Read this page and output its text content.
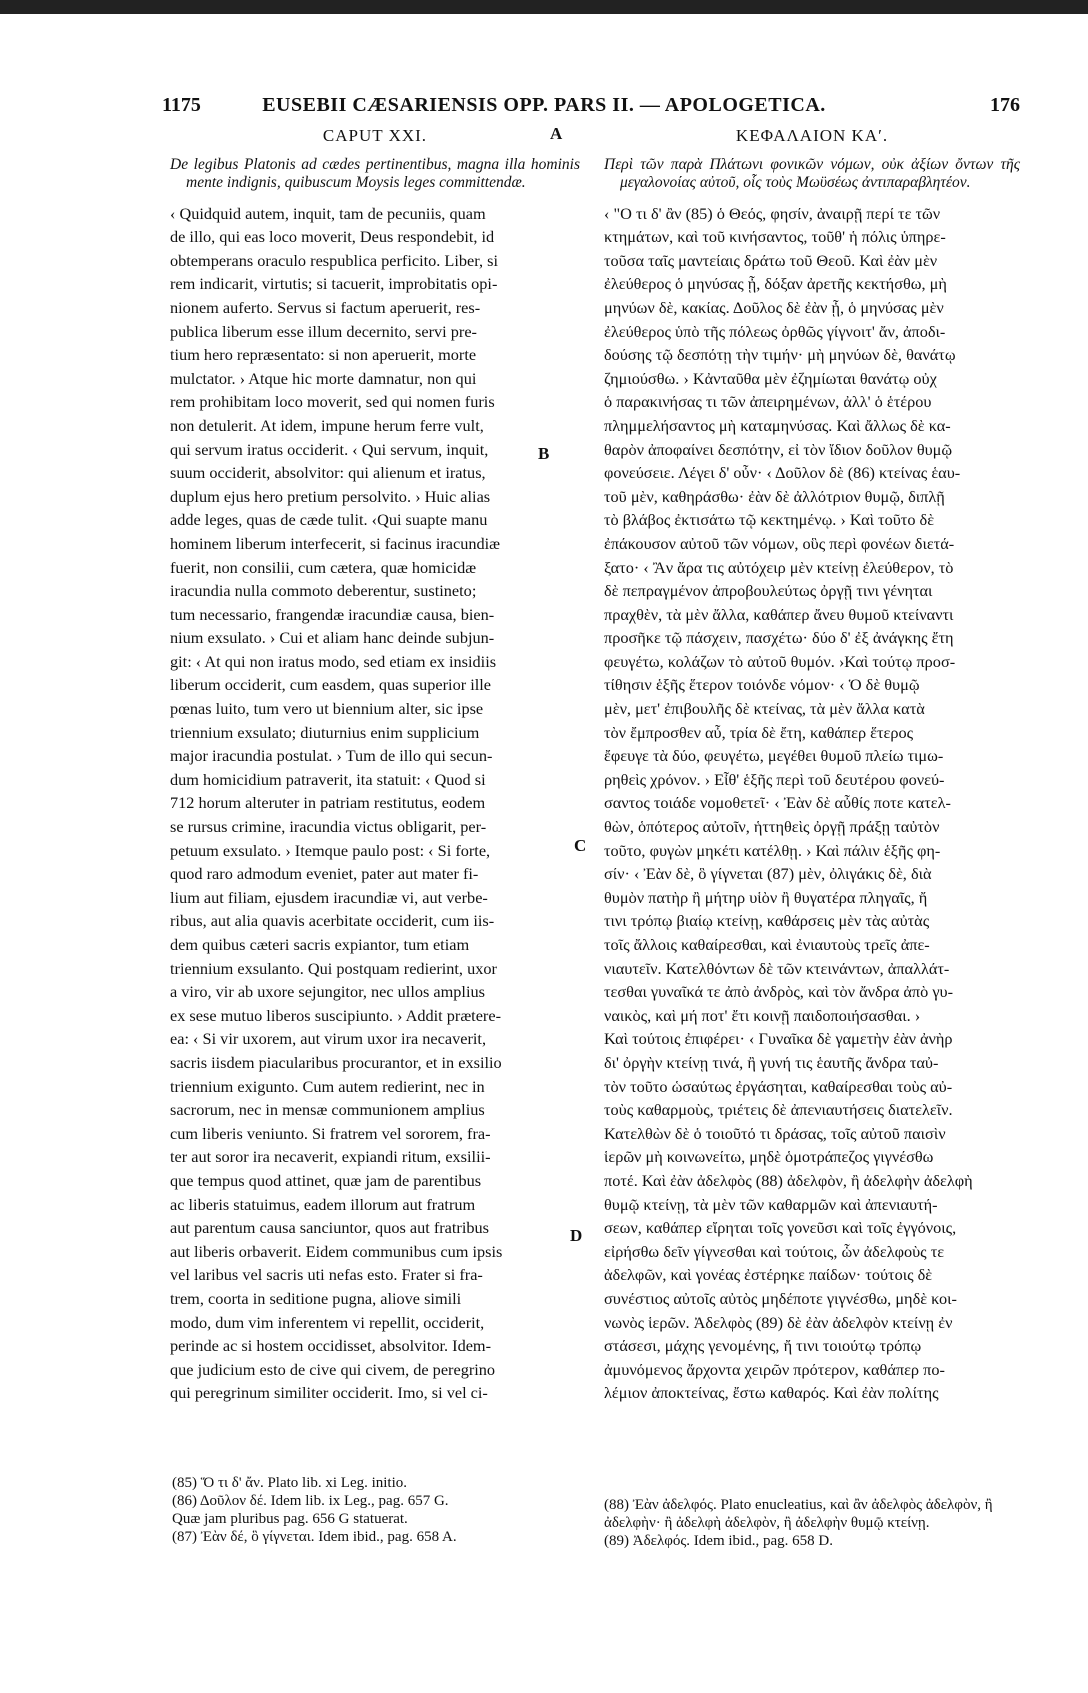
1175	EUSEBII CÆSARIENSIS OPP. PARS II. — APOLOGETICA.	176
CAPUT XXI.
De legibus Platonis ad cædes pertinentibus, magna illa hominis mente indignis, quibuscum Moysis leges committendæ.
‹ Quidquid autem, inquit, tam de pecuniis, quam
de illo, qui eas loco moverit, Deus respondebit, id
obtemperans oraculo respublica perficito. Liber, si
rem indicarit, virtutis; si tacuerit, improbitatis opi-
nionem auferto. Servus si factum aperuerit, res-
publica liberum esse illum decernito, servi pre-
tium hero repræsentato: si non aperuerit, morte
mulctator. › Atque hic morte damnatur, non qui
rem prohibitam loco moverit, sed qui nomen furis
non detulerit. At idem, impune herum ferre vult,
qui servum iratus occiderit. ‹ Qui servum, inquit,
suum occiderit, absolvitor: qui alienum et iratus,
duplum ejus hero pretium persolvito. › Huic alias
adde leges, quas de cæde tulit. ‹Qui suapte manu
hominem liberum interfecerit, si facinus iracundiæ
fuerit, non consilii, cum cætera, quæ homicidæ
iracundia nulla commoto deberentur, sustineto;
tum necessario, frangendæ iracundiæ causa, bien-
nium exsulato. › Cui et aliam hanc deinde subjun-
git: ‹ At qui non iratus modo, sed etiam ex insidiis
liberum occiderit, cum easdem, quas superior ille
pœnas luito, tum vero ut biennium alter, sic ipse
triennium exsulato; diuturnius enim supplicium
major iracundia postulat. › Tum de illo qui secun-
dum homicidium patraverit, ita statuit: ‹ Quod si
712 horum alteruter in patriam restitutus, eodem
se rursus crimine, iracundia victus obligarit, per-
petuum exsulato. › Itemque paulo post: ‹ Si forte,
quod raro admodum eveniet, pater aut mater fi-
lium aut filiam, ejusdem iracundiæ vi, aut verbe-
ribus, aut alia quavis acerbitate occiderit, cum iis-
dem quibus cæteri sacris expiantor, tum etiam
triennium exsulanto. Qui postquam redierint, uxor
a viro, vir ab uxore sejungitor, nec ullos amplius
ex sese mutuo liberos suscipiunto. › Addit prætere-
ea: ‹ Si vir uxorem, aut virum uxor ira necaverit,
sacris iisdem piacularibus procurantor, et in exsilio
triennium exigunto. Cum autem redierint, nec in
sacrorum, nec in mensæ communionem amplius
cum liberis veniunto. Si fratrem vel sororem, fra-
ter aut soror ira necaverit, expiandi ritum, exsilii-
que tempus quod attinet, quæ jam de parentibus
ac liberis statuimus, eadem illorum aut fratrum
aut parentum causa sanciuntor, quos aut fratribus
aut liberis orbaverit. Eidem communibus cum ipsis
vel laribus vel sacris uti nefas esto. Frater si fra-
trem, coorta in seditione pugna, aliove simili
modo, dum vim inferentem vi repellit, occiderit,
perinde ac si hostem occidisset, absolvitor. Idem-
que judicium esto de cive qui civem, de peregrino
qui peregrinum similiter occiderit. Imo, si vel ci-
ΚΕΦΑΛΑΙΟΝ ΚΑʹ.
Περὶ τῶν παρὰ Πλάτωνι φονικῶν νόμων, οὐκ ἀξίων ὄντων τῆς μεγαλονοίας αὐτοῦ, οἷς τοὺς Μωϋσέως ἀντιπαραβλητέον.
‹ "Ο τι δ' ἂν (85) ὁ Θεός, φησίν, ἀναιρῇ περί τε τῶν
κτημάτων, καὶ τοῦ κινήσαντος, τοῦθ' ἡ πόλις ὑπηρε-
τοῦσα ταῖς μαντείαις δράτω τοῦ Θεοῦ. Καὶ ἐὰν μὲν
ἐλεύθερος ὁ μηνύσας ᾖ, δόξαν ἀρετῆς κεκτήσθω, μὴ
μηνύων δὲ, κακίας. Δοῦλος δὲ ἐὰν ᾖ, ὁ μηνύσας μὲν
ἐλεύθερος ὑπὸ τῆς πόλεως ὀρθῶς γίγνοιτ' ἄν, ἀποδι-
δούσης τῷ δεσπότῃ τὴν τιμήν· μὴ μηνύων δὲ, θανάτῳ
ζημιούσθω. › Κἀνταῦθα μὲν ἐζημίωται θανάτῳ οὐχ
ὁ παρακινήσας τι τῶν ἀπειρημένων, ἀλλ' ὁ ἑτέρου
πλημμελήσαντος μὴ καταμηνύσας. Καὶ ἄλλως δὲ κα-
θαρὸν ἀποφαίνει δεσπότην, εἰ τὸν ἴδιον δοῦλον θυμῷ
φονεύσειε. Λέγει δ' οὖν· ‹ Δοῦλον δὲ (86) κτείνας ἑαυ-
τοῦ μὲν, καθηράσθω· ἐὰν δὲ ἀλλότριον θυμῷ, διπλῇ
τὸ βλάβος ἐκτισάτω τῷ κεκτημένῳ. › Καὶ τοῦτο δὲ
ἐπάκουσον αὐτοῦ τῶν νόμων, οὓς περὶ φονέων διετά-
ξατο· ‹ Ἂν ἄρα τις αὐτόχειρ μὲν κτείνῃ ἐλεύθερον, τὸ
δὲ πεπραγμένον ἀπροβουλεύτως ὀργῇ τινι γένηται
πραχθὲν, τὰ μὲν ἄλλα, καθάπερ ἄνευ θυμοῦ κτείναντι
προσῆκε τῷ πάσχειν, πασχέτω· δύο δ' ἐξ ἀνάγκης ἔτη
φευγέτω, κολάζων τὸ αὐτοῦ θυμόν. ›Καὶ τούτῳ προσ-
τίθησιν ἑξῆς ἕτερον τοιόνδε νόμον· ‹ Ὁ δὲ θυμῷ
μὲν, μετ' ἐπιβουλῆς δὲ κτείνας, τὰ μὲν ἄλλα κατὰ
τὸν ἔμπροσθεν αὖ, τρία δὲ ἔτη, καθάπερ ἕτερος
ἔφευγε τὰ δύο, φευγέτω, μεγέθει θυμοῦ πλείω τιμω-
ρηθεὶς χρόνον. › Εἶθ' ἑξῆς περὶ τοῦ δευτέρου φονεύ-
σαντος τοιάδε νομοθετεῖ· ‹ Ἐὰν δὲ αὖθίς ποτε κατελ-
θὼν, ὁπότερος αὐτοῖν, ἡττηθεὶς ὀργῇ πράξῃ ταὐτὸν
τοῦτο, φυγὼν μηκέτι κατέλθῃ. › Καὶ πάλιν ἑξῆς φη-
σίν· ‹ Ἐὰν δὲ, ὃ γίγνεται (87) μὲν, ὀλιγάκις δὲ, διὰ
θυμὸν πατὴρ ἢ μήτηρ υἱὸν ἢ θυγατέρα πληγαῖς, ἤ
τινι τρόπῳ βιαίῳ κτείνῃ, καθάρσεις μὲν τὰς αὐτὰς
τοῖς ἄλλοις καθαίρεσθαι, καὶ ἐνιαυτοὺς τρεῖς ἀπε-
νιαυτεῖν. Κατελθόντων δὲ τῶν κτεινάντων, ἀπαλλάτ-
τεσθαι γυναῖκά τε ἀπὸ ἀνδρὸς, καὶ τὸν ἄνδρα ἀπὸ γυ-
ναικὸς, καὶ μή ποτ' ἔτι κοινῇ παιδοποιήσασθαι. ›
Καὶ τούτοις ἐπιφέρει· ‹ Γυναῖκα δὲ γαμετὴν ἐὰν ἀνὴρ
δι' ὀργὴν κτείνῃ τινά, ἢ γυνή τις ἑαυτῆς ἄνδρα ταὐ-
τὸν τοῦτο ὡσαύτως ἐργάσηται, καθαίρεσθαι τοὺς αὐ-
τοὺς καθαρμοὺς, τριέτεις δὲ ἀπενιαυτήσεις διατελεῖν.
Κατελθὼν δὲ ὁ τοιοῦτό τι δράσας, τοῖς αὐτοῦ παισὶν
ἱερῶν μὴ κοινωνείτω, μηδὲ ὁμοτράπεζος γιγνέσθω
ποτέ. Καὶ ἐὰν ἀδελφὸς (88) ἀδελφὸν, ἢ ἀδελφὴν ἀδελφὴ
θυμῷ κτείνῃ, τὰ μὲν τῶν καθαρμῶν καὶ ἀπενιαυτή-
σεων, καθάπερ εἴρηται τοῖς γονεῦσι καὶ τοῖς ἐγγόνοις,
εἰρήσθω δεῖν γίγνεσθαι καὶ τούτοις, ὧν ἀδελφοὺς τε
ἀδελφῶν, καὶ γονέας ἐστέρηκε παίδων· τούτοις δὲ
συνέστιος αὐτοῖς αὐτὸς μηδέποτε γιγνέσθω, μηδὲ κοι-
νωνὸς ἱερῶν. Ἀδελφὸς (89) δὲ ἐὰν ἀδελφὸν κτείνῃ ἐν
στάσεσι, μάχης γενομένης, ἤ τινι τοιούτῳ τρόπῳ
ἀμυνόμενος ἄρχοντα χειρῶν πρότερον, καθάπερ πο-
λέμιον ἀποκτείνας, ἔστω καθαρός. Καὶ ἐὰν πολίτης
A
B
C
D

(85) Ὅ τι δ' ἄν. Plato lib. xi Leg. initio.

(86) Δοῦλον δέ. Idem lib. ix Leg., pag. 657 G.

Quæ jam pluribus pag. 656 G statuerat.

(87) Ἐὰν δέ, ὃ γίγνεται. Idem ibid., pag. 658 A.

(88) Ἐὰν ἀδελφός. Plato enucleatius, καὶ ἂν ἀδελφὸς ἀδελφὸν, ἢ ἀδελφὴν· ἢ ἀδελφὴ ἀδελφὸν, ἢ ἀδελφὴν θυμῷ κτείνῃ.

(89) Ἀδελφός. Idem ibid., pag. 658 D.
